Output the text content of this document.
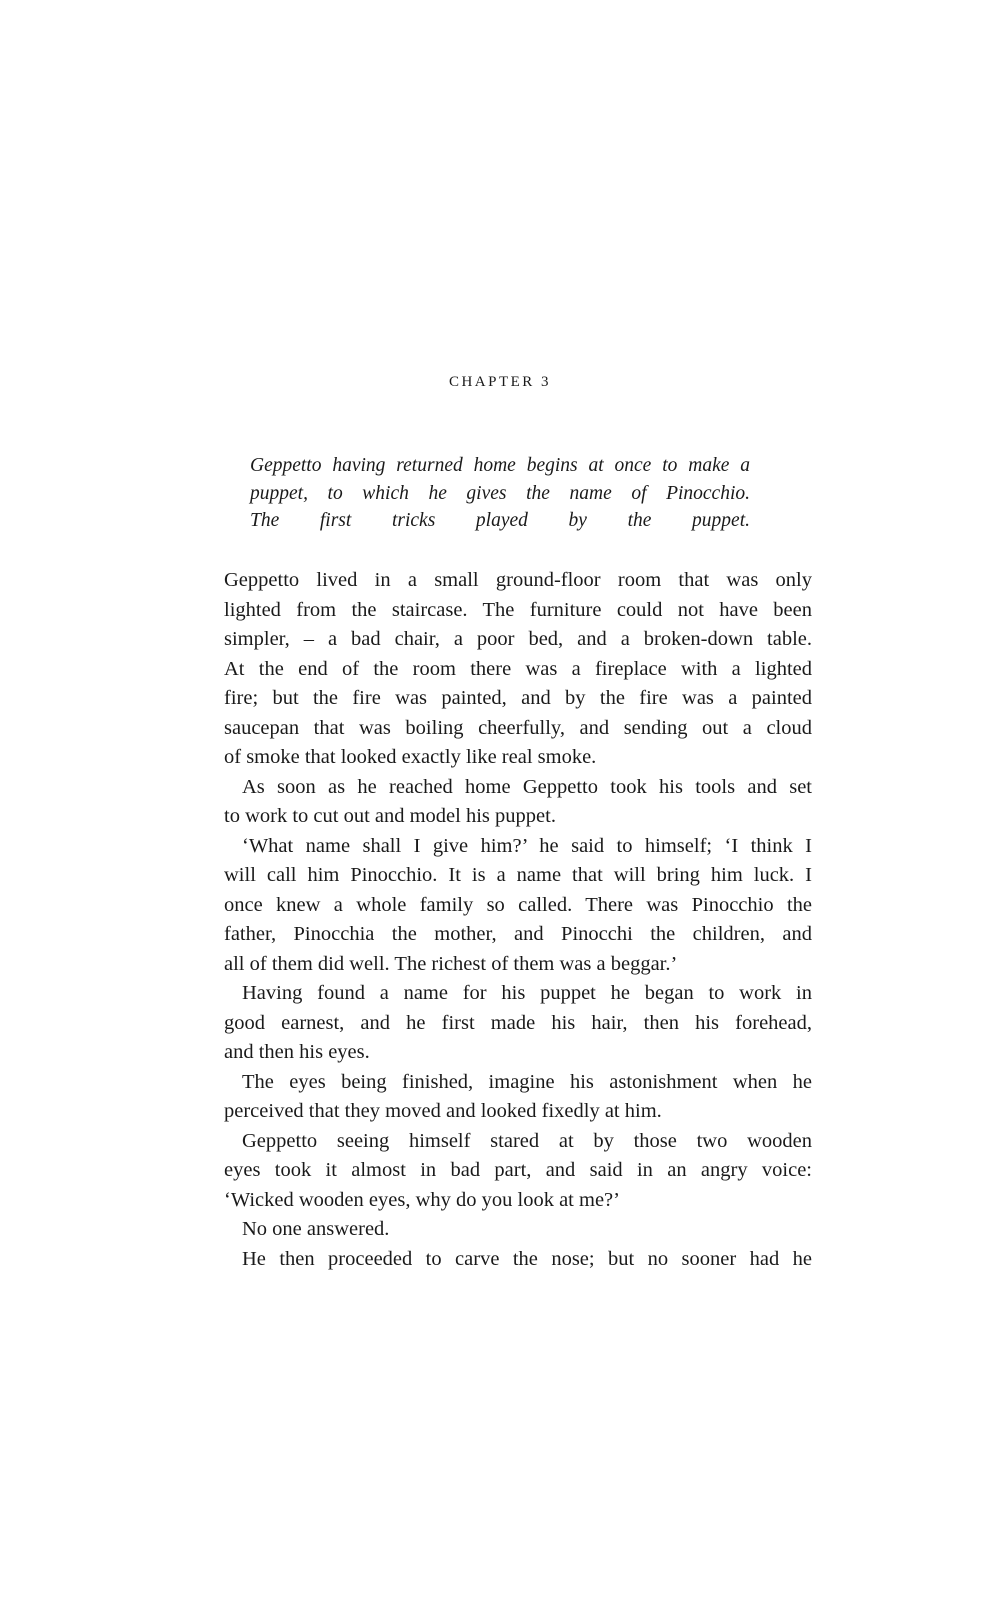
CHAPTER 3
Geppetto having returned home begins at once to make a
puppet, to which he gives the name of Pinocchio.
The first tricks played by the puppet.
Geppetto lived in a small ground-floor room that was only
lighted from the staircase. The furniture could not have been
simpler, – a bad chair, a poor bed, and a broken-down table.
At the end of the room there was a fireplace with a lighted
fire; but the fire was painted, and by the fire was a painted
saucepan that was boiling cheerfully, and sending out a cloud
of smoke that looked exactly like real smoke.
As soon as he reached home Geppetto took his tools and set
to work to cut out and model his puppet.
‘What name shall I give him?’ he said to himself; ‘I think I
will call him Pinocchio. It is a name that will bring him luck. I
once knew a whole family so called. There was Pinocchio the
father, Pinocchia the mother, and Pinocchi the children, and
all of them did well. The richest of them was a beggar.’
Having found a name for his puppet he began to work in
good earnest, and he first made his hair, then his forehead,
and then his eyes.
The eyes being finished, imagine his astonishment when he
perceived that they moved and looked fixedly at him.
Geppetto seeing himself stared at by those two wooden
eyes took it almost in bad part, and said in an angry voice:
‘Wicked wooden eyes, why do you look at me?’
No one answered.
He then proceeded to carve the nose; but no sooner had he
